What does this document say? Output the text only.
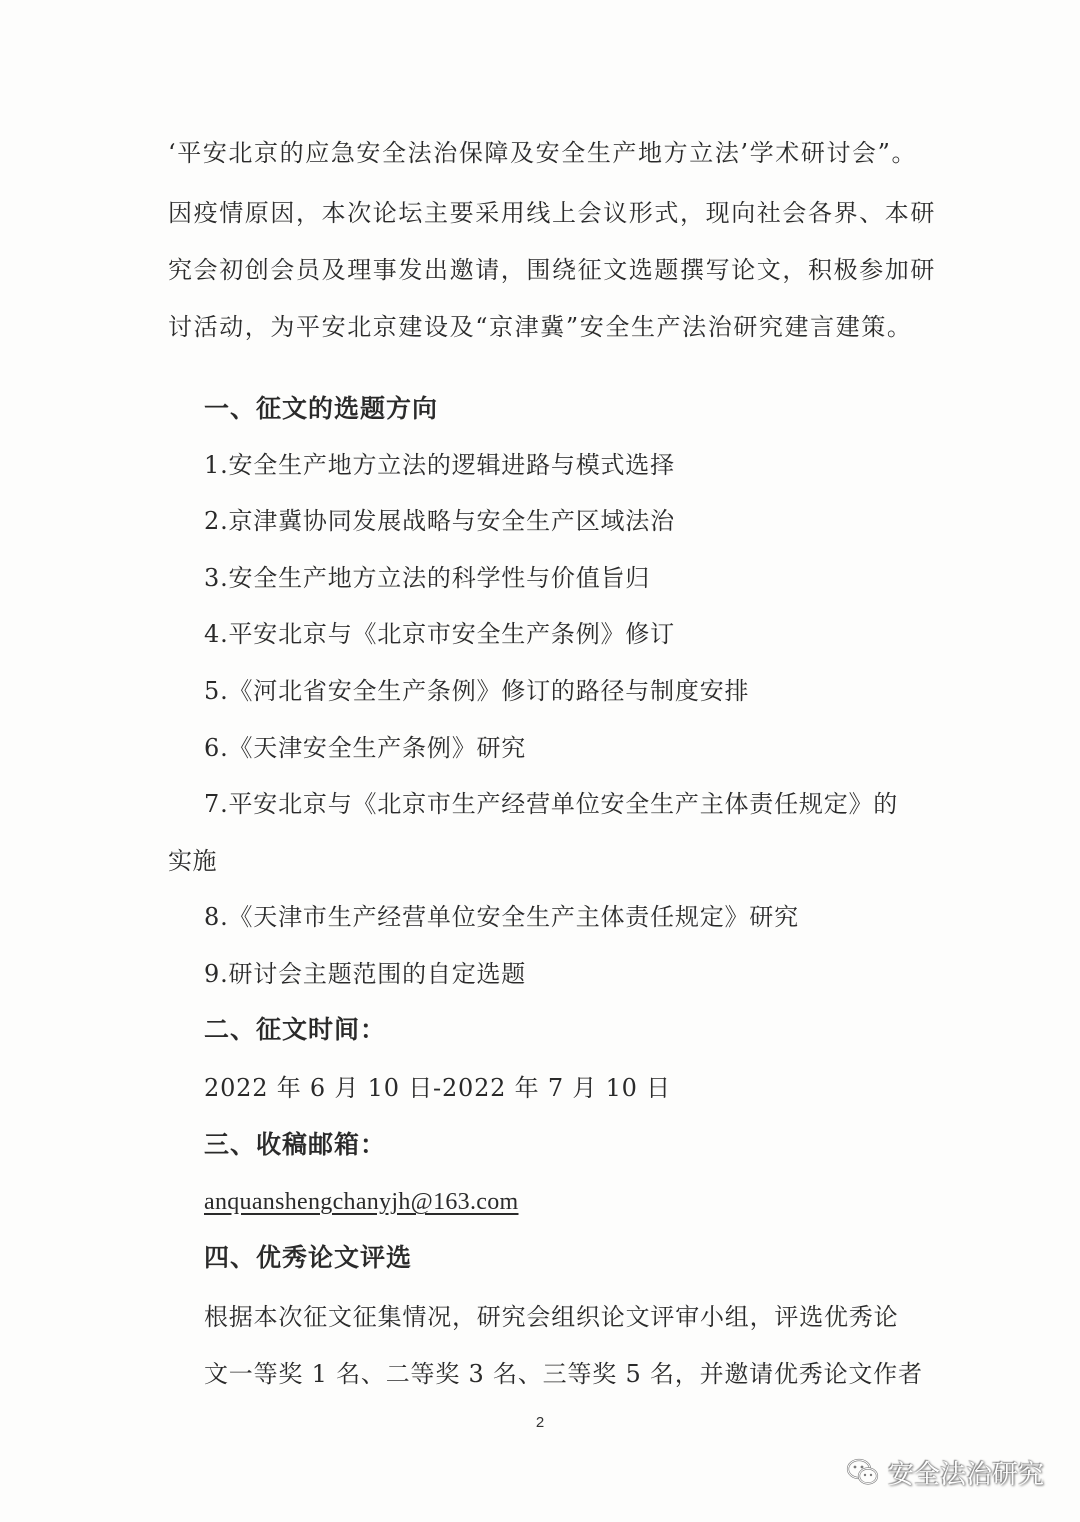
‘平安北京的应急安全法治保障及安全生产地方立法’学术研讨会”。
因疫情原因，本次论坛主要采用线上会议形式，现向社会各界、本研
究会初创会员及理事发出邀请，围绕征文选题撰写论文，积极参加研
讨活动，为平安北京建设及“京津冀”安全生产法治研究建言建策。
一、征文的选题方向
1.安全生产地方立法的逻辑进路与模式选择
2.京津冀协同发展战略与安全生产区域法治
3.安全生产地方立法的科学性与价值旨归
4.平安北京与《北京市安全生产条例》修订
5.《河北省安全生产条例》修订的路径与制度安排
6.《天津安全生产条例》研究
7.平安北京与《北京市生产经营单位安全生产主体责任规定》的
实施
8.《天津市生产经营单位安全生产主体责任规定》研究
9.研讨会主题范围的自定选题
二、征文时间：
2022 年 6 月 10 日-2022 年 7 月 10 日
三、收稿邮箱：
anquanshengchanyjh@163.com
四、优秀论文评选
根据本次征文征集情况，研究会组织论文评审小组，评选优秀论
文一等奖 1 名、二等奖 3 名、三等奖 5 名，并邀请优秀论文作者
2
安全法治研究
